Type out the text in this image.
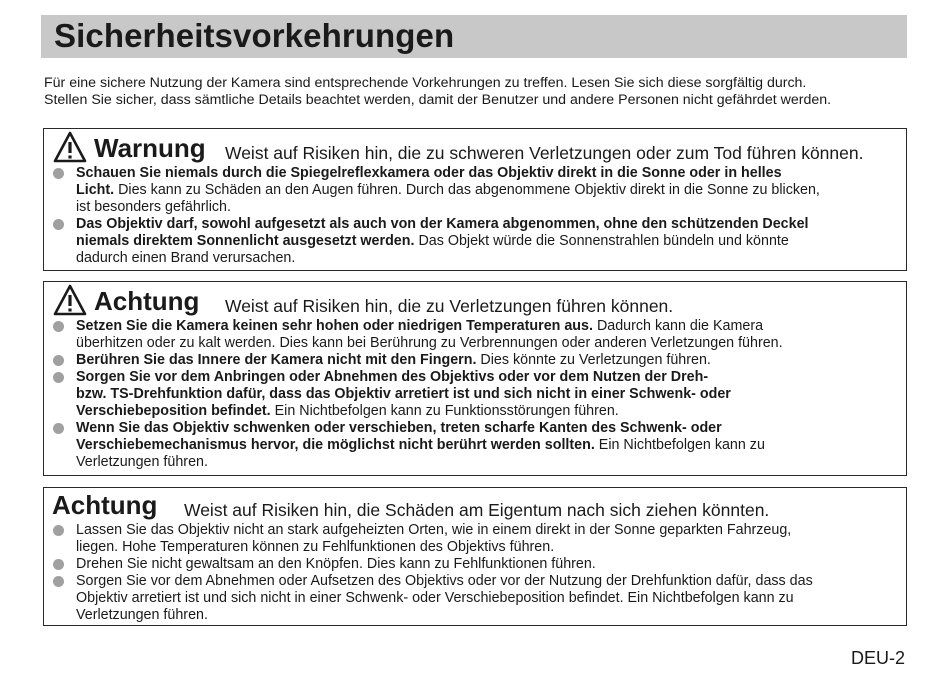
Sicherheitsvorkehrungen
Für eine sichere Nutzung der Kamera sind entsprechende Vorkehrungen zu treffen. Lesen Sie sich diese sorgfältig durch.
Stellen Sie sicher, dass sämtliche Details beachtet werden, damit der Benutzer und andere Personen nicht gefährdet werden.
Warnung Weist auf Risiken hin, die zu schweren Verletzungen oder zum Tod führen können.
Schauen Sie niemals durch die Spiegelreflexkamera oder das Objektiv direkt in die Sonne oder in helles
Licht. Dies kann zu Schäden an den Augen führen. Durch das abgenommene Objektiv direkt in die Sonne zu blicken,
ist besonders gefährlich.
Das Objektiv darf, sowohl aufgesetzt als auch von der Kamera abgenommen, ohne den schützenden Deckel
niemals direktem Sonnenlicht ausgesetzt werden. Das Objekt würde die Sonnenstrahlen bündeln und könnte
dadurch einen Brand verursachen.
Achtung Weist auf Risiken hin, die zu Verletzungen führen können.
Setzen Sie die Kamera keinen sehr hohen oder niedrigen Temperaturen aus. Dadurch kann die Kamera
überhitzen oder zu kalt werden. Dies kann bei Berührung zu Verbrennungen oder anderen Verletzungen führen.
Berühren Sie das Innere der Kamera nicht mit den Fingern. Dies könnte zu Verletzungen führen.
Sorgen Sie vor dem Anbringen oder Abnehmen des Objektivs oder vor dem Nutzen der Dreh-
bzw. TS-Drehfunktion dafür, dass das Objektiv arretiert ist und sich nicht in einer Schwenk- oder
Verschiebeposition befindet. Ein Nichtbefolgen kann zu Funktionsstörungen führen.
Wenn Sie das Objektiv schwenken oder verschieben, treten scharfe Kanten des Schwenk- oder
Verschiebemechanismus hervor, die möglichst nicht berührt werden sollten. Ein Nichtbefolgen kann zu
Verletzungen führen.
Achtung Weist auf Risiken hin, die Schäden am Eigentum nach sich ziehen könnten.
Lassen Sie das Objektiv nicht an stark aufgeheizten Orten, wie in einem direkt in der Sonne geparkten Fahrzeug,
liegen. Hohe Temperaturen können zu Fehlfunktionen des Objektivs führen.
Drehen Sie nicht gewaltsam an den Knöpfen. Dies kann zu Fehlfunktionen führen.
Sorgen Sie vor dem Abnehmen oder Aufsetzen des Objektivs oder vor der Nutzung der Drehfunktion dafür, dass das
Objektiv arretiert ist und sich nicht in einer Schwenk- oder Verschiebeposition befindet. Ein Nichtbefolgen kann zu
Verletzungen führen.
DEU-2
